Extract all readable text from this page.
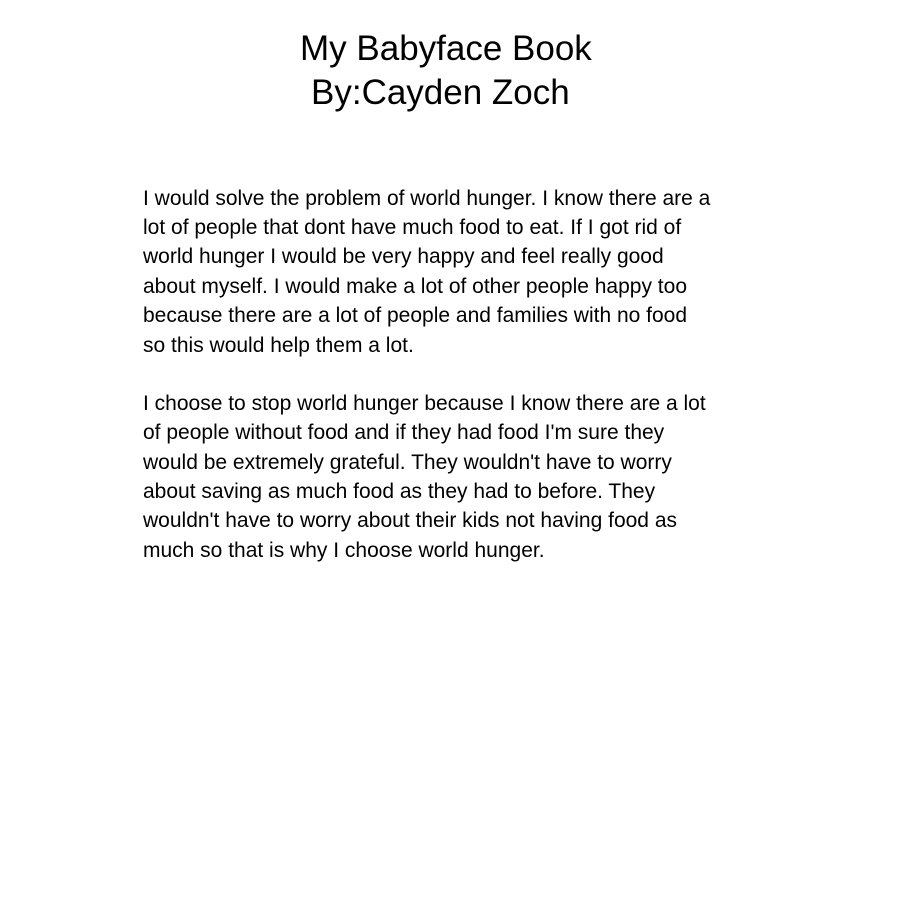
My Babyface Book
By:Cayden Zoch
I would solve the problem of world hunger. I know there are a
lot of people that dont have much food to eat. If I got rid of
world hunger I would be very happy and feel really good
about myself. I would make a lot of other people happy too
because there are a lot of people and families with no food
so this would help them a lot.
I choose to stop world hunger because I know there are a lot
of people without food and if they had food I'm sure they
would be extremely grateful. They wouldn't have to worry
about saving as much food as they had to before. They
wouldn't have to worry about their kids not having food as
much so that is why I choose world hunger.
